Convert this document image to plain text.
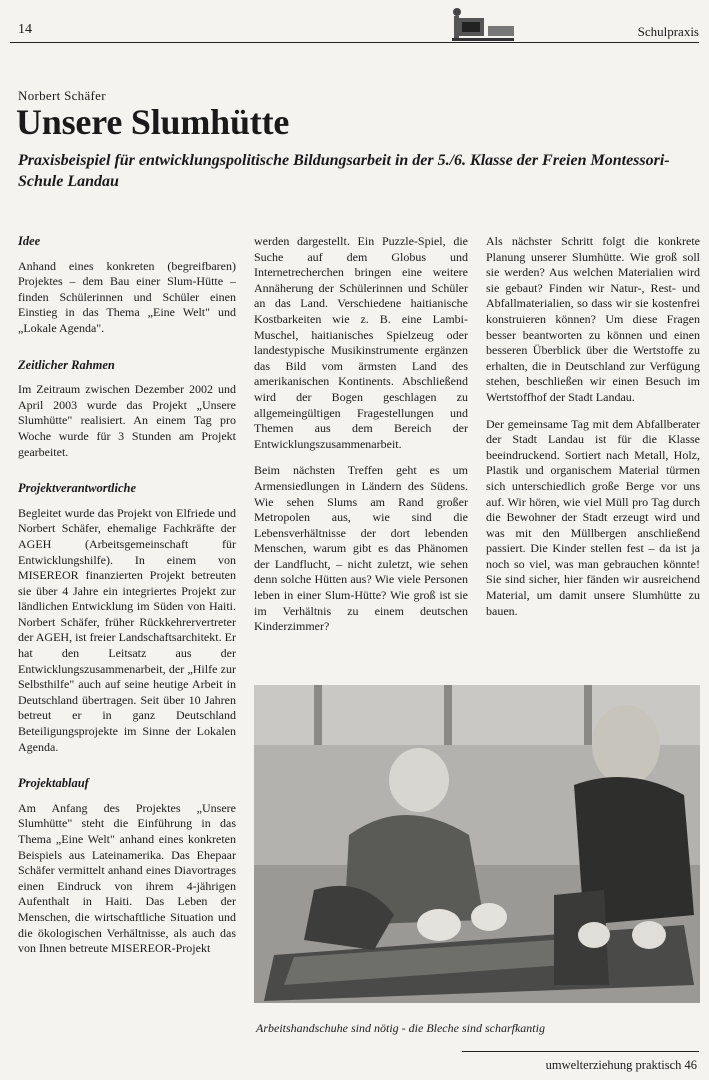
14	Schulpraxis
Norbert Schäfer
Unsere Slumhütte

Praxisbeispiel für entwicklungspolitische Bildungsarbeit in der 5./6. Klasse der Freien Montessori-Schule Landau

Idee

Anhand eines konkreten (begreifbaren) Projektes – dem Bau einer Slum-Hütte – finden Schülerinnen und Schüler einen Einstieg in das Thema „Eine Welt" und „Lokale Agenda".

Zeitlicher Rahmen

Im Zeitraum zwischen Dezember 2002 und April 2003 wurde das Projekt „Unsere Slumhütte" realisiert. An einem Tag pro Woche wurde für 3 Stunden am Projekt gearbeitet.

Projektverantwortliche

Begleitet wurde das Projekt von Elfriede und Norbert Schäfer, ehemalige Fachkräfte der AGEH (Arbeitsgemeinschaft für Entwicklungshilfe). In einem von MISEREOR finanzierten Projekt betreuten sie über 4 Jahre ein integriertes Projekt zur ländlichen Entwicklung im Süden von Haiti. Norbert Schäfer, früher Rückkehrervertreter der AGEH, ist freier Landschaftsarchitekt. Er hat den Leitsatz aus der Entwicklungszusammenarbeit, der „Hilfe zur Selbsthilfe" auch auf seine heutige Arbeit in Deutschland übertragen. Seit über 10 Jahren betreut er in ganz Deutschland Beteiligungsprojekte im Sinne der Lokalen Agenda.

Projektablauf

Am Anfang des Projektes „Unsere Slumhütte" steht die Einführung in das Thema „Eine Welt" anhand eines konkreten Beispiels aus Lateinamerika. Das Ehepaar Schäfer vermittelt anhand eines Diavortrages einen Eindruck von ihrem 4-jährigen Aufenthalt in Haiti. Das Leben der Menschen, die wirtschaftliche Situation und die ökologischen Verhältnisse, als auch das von Ihnen betreute MISEREOR-Projekt

werden dargestellt. Ein Puzzle-Spiel, die Suche auf dem Globus und Internetrecherchen bringen eine weitere Annäherung der Schülerinnen und Schüler an das Land. Verschiedene haitianische Kostbarkeiten wie z. B. eine Lambi-Muschel, haitianisches Spielzeug oder landestypische Musikinstrumente ergänzen das Bild vom ärmsten Land des amerikanischen Kontinents. Abschließend wird der Bogen geschlagen zu allgemeingültigen Fragestellungen und Themen aus dem Bereich der Entwicklungszusammenarbeit.

Beim nächsten Treffen geht es um Armensiedlungen in Ländern des Südens. Wie sehen Slums am Rand großer Metropolen aus, wie sind die Lebensverhältnisse der dort lebenden Menschen, warum gibt es das Phänomen der Landflucht, – nicht zuletzt, wie sehen denn solche Hütten aus? Wie viele Personen leben in einer Slum-Hütte? Wie groß ist sie im Verhältnis zu einem deutschen Kinderzimmer?

Als nächster Schritt folgt die konkrete Planung unserer Slumhütte. Wie groß soll sie werden? Aus welchen Materialien wird sie gebaut? Finden wir Natur-, Rest- und Abfallmaterialien, so dass wir sie kostenfrei konstruieren können? Um diese Fragen besser beantworten zu können und einen besseren Überblick über die Wertstoffe zu erhalten, die in Deutschland zur Verfügung stehen, beschließen wir einen Besuch im Wertstoffhof der Stadt Landau.

Der gemeinsame Tag mit dem Abfallberater der Stadt Landau ist für die Klasse beeindruckend. Sortiert nach Metall, Holz, Plastik und organischem Material türmen sich unterschiedlich große Berge vor uns auf. Wir hören, wie viel Müll pro Tag durch die Bewohner der Stadt erzeugt wird und was mit den Müllbergen anschließend passiert. Die Kinder stellen fest – da ist ja noch so viel, was man gebrauchen könnte! Sie sind sicher, hier fänden wir ausreichend Material, um damit unsere Slumhütte zu bauen.

Arbeitshandschuhe sind nötig - die Bleche sind scharfkantig
umwelterziehung praktisch 46
